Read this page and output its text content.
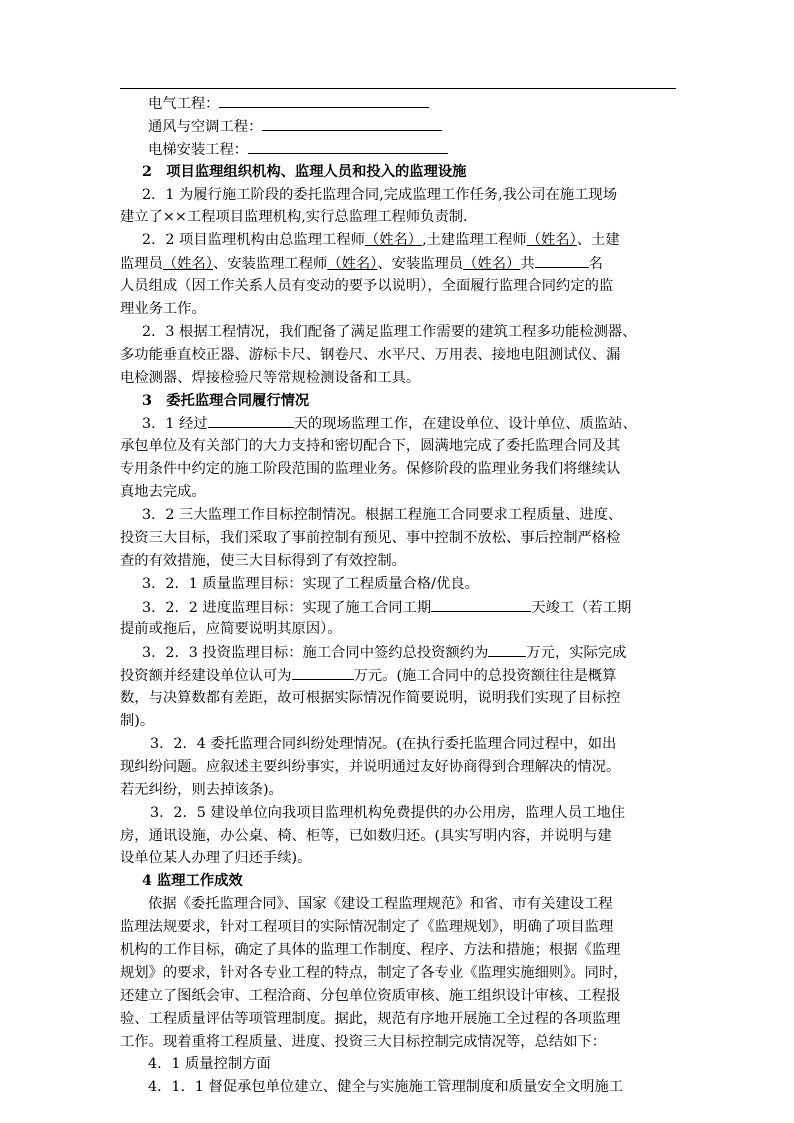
电气工程：
通风与空调工程：
电梯安装工程：
2　项目监理组织机构、监理人员和投入的监理设施
2．1 为履行施工阶段的委托监理合同,完成监理工作任务,我公司在施工现场
建立了××工程项目监理机构,实行总监理工程师负责制.
2．2 项目监理机构由总监理工程师（姓名）,土建监理工程师（姓名）、土建
监理员（姓名）、安装监理工程师（姓名）、安装监理员（姓名）共	名
人员组成（因工作关系人员有变动的要予以说明），全面履行监理合同约定的监
理业务工作。
2．3 根据工程情况，我们配备了满足监理工作需要的建筑工程多功能检测器、
多功能垂直校正器、游标卡尺、钢卷尺、水平尺、万用表、接地电阻测试仪、漏
电检测器、焊接检验尺等常规检测设备和工具。
3　委托监理合同履行情况
3．1 经过	天的现场监理工作，在建设单位、设计单位、质监站、
承包单位及有关部门的大力支持和密切配合下，圆满地完成了委托监理合同及其
专用条件中约定的施工阶段范围的监理业务。保修阶段的监理业务我们将继续认
真地去完成。
3．2 三大监理工作目标控制情况。根据工程施工合同要求工程质量、进度、
投资三大目标，我们采取了事前控制有预见、事中控制不放松、事后控制严格检
查的有效措施，使三大目标得到了有效控制。
3．2．1 质量监理目标：实现了工程质量合格/优良。
3．2．2 进度监理目标：实现了施工合同工期	天竣工（若工期
提前或拖后，应简要说明其原因）。
3．2．3 投资监理目标：施工合同中签约总投资额约为	万元，实际完成
投资额并经建设单位认可为	万元。(施工合同中的总投资额往往是概算
数，与决算数都有差距，故可根据实际情况作简要说明，说明我们实现了目标控
制)。
3．2．4 委托监理合同纠纷处理情况。(在执行委托监理合同过程中，如出
现纠纷问题。应叙述主要纠纷事实，并说明通过友好协商得到合理解决的情况。
若无纠纷，则去掉该条)。
3．2．5 建设单位向我项目监理机构免费提供的办公用房，监理人员工地住
房，通讯设施，办公桌、椅、柜等，已如数归还。(具实写明内容，并说明与建
设单位某人办理了归还手续)。
4 监理工作成效
依据《委托监理合同》、国家《建设工程监理规范》和省、市有关建设工程
监理法规要求，针对工程项目的实际情况制定了《监理规划》，明确了项目监理
机构的工作目标，确定了具体的监理工作制度、程序、方法和措施；根据《监理
规划》的要求，针对各专业工程的特点，制定了各专业《监理实施细则》。同时，
还建立了图纸会审、工程洽商、分包单位资质审核、施工组织设计审核、工程报
验、工程质量评估等项管理制度。据此，规范有序地开展施工全过程的各项监理
工作。现着重将工程质量、进度、投资三大目标控制完成情况等，总结如下：
4．1 质量控制方面
4．1．1 督促承包单位建立、健全与实施施工管理制度和质量安全文明施工
